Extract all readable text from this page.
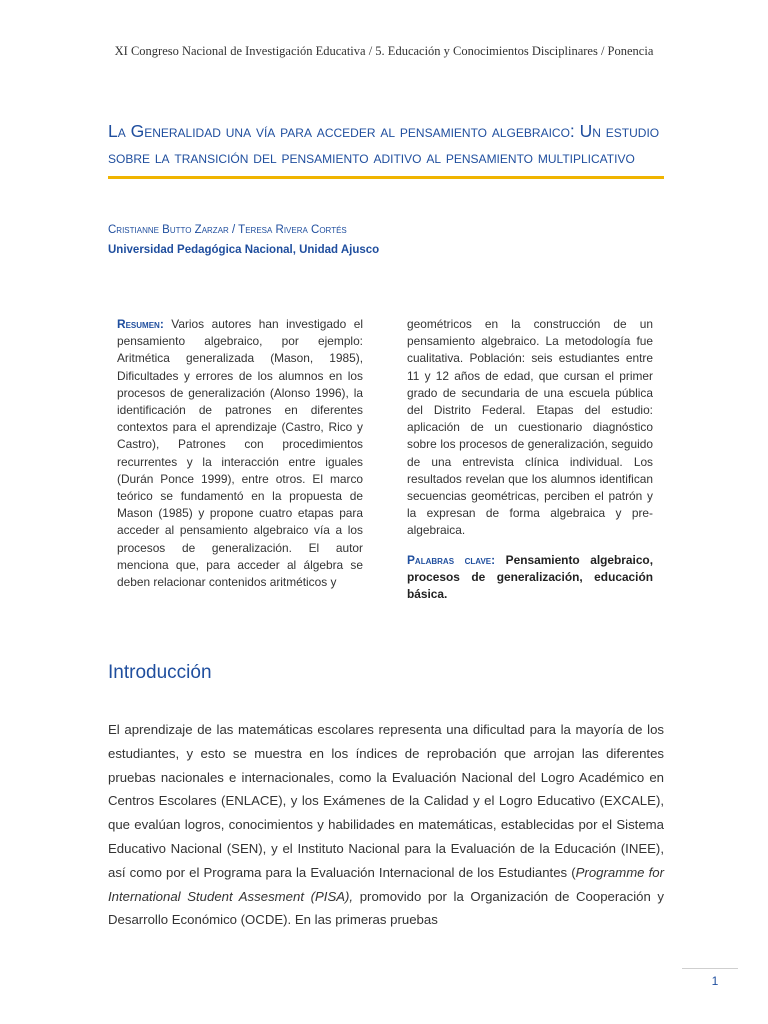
XI Congreso Nacional de Investigación Educativa / 5. Educación y Conocimientos Disciplinares / Ponencia
La Generalidad una vía para acceder al pensamiento algebraico: Un estudio sobre la transición del pensamiento aditivo al pensamiento multiplicativo
Cristianne Butto Zarzar / Teresa Rivera Cortés
Universidad Pedagógica Nacional, Unidad Ajusco

Resumen: Varios autores han investigado el pensamiento algebraico, por ejemplo: Aritmética generalizada (Mason, 1985), Dificultades y errores de los alumnos en los procesos de generalización (Alonso 1996), la identificación de patrones en diferentes contextos para el aprendizaje (Castro, Rico y Castro), Patrones con procedimientos recurrentes y la interacción entre iguales (Durán Ponce 1999), entre otros. El marco teórico se fundamentó en la propuesta de Mason (1985) y propone cuatro etapas para acceder al pensamiento algebraico vía a los procesos de generalización. El autor menciona que, para acceder al álgebra se deben relacionar contenidos aritméticos y

geométricos en la construcción de un pensamiento algebraico. La metodología fue cualitativa. Población: seis estudiantes entre 11 y 12 años de edad, que cursan el primer grado de secundaria de una escuela pública del Distrito Federal. Etapas del estudio: aplicación de un cuestionario diagnóstico sobre los procesos de generalización, seguido de una entrevista clínica individual. Los resultados revelan que los alumnos identifican secuencias geométricas, perciben el patrón y la expresan de forma algebraica y pre-algebraica.

Palabras clave: Pensamiento algebraico, procesos de generalización, educación básica.

Introducción

El aprendizaje de las matemáticas escolares representa una dificultad para la mayoría de los estudiantes, y esto se muestra en los índices de reprobación que arrojan las diferentes pruebas nacionales e internacionales, como la Evaluación Nacional del Logro Académico en Centros Escolares (ENLACE), y los Exámenes de la Calidad y el Logro Educativo (EXCALE), que evalúan logros, conocimientos y habilidades en matemáticas, establecidas por el Sistema Educativo Nacional (SEN), y el Instituto Nacional para la Evaluación de la Educación (INEE), así como por el Programa para la Evaluación Internacional de los Estudiantes (Programme for International Student Assesment (PISA), promovido por la Organización de Cooperación y Desarrollo Económico (OCDE). En las primeras pruebas

1
